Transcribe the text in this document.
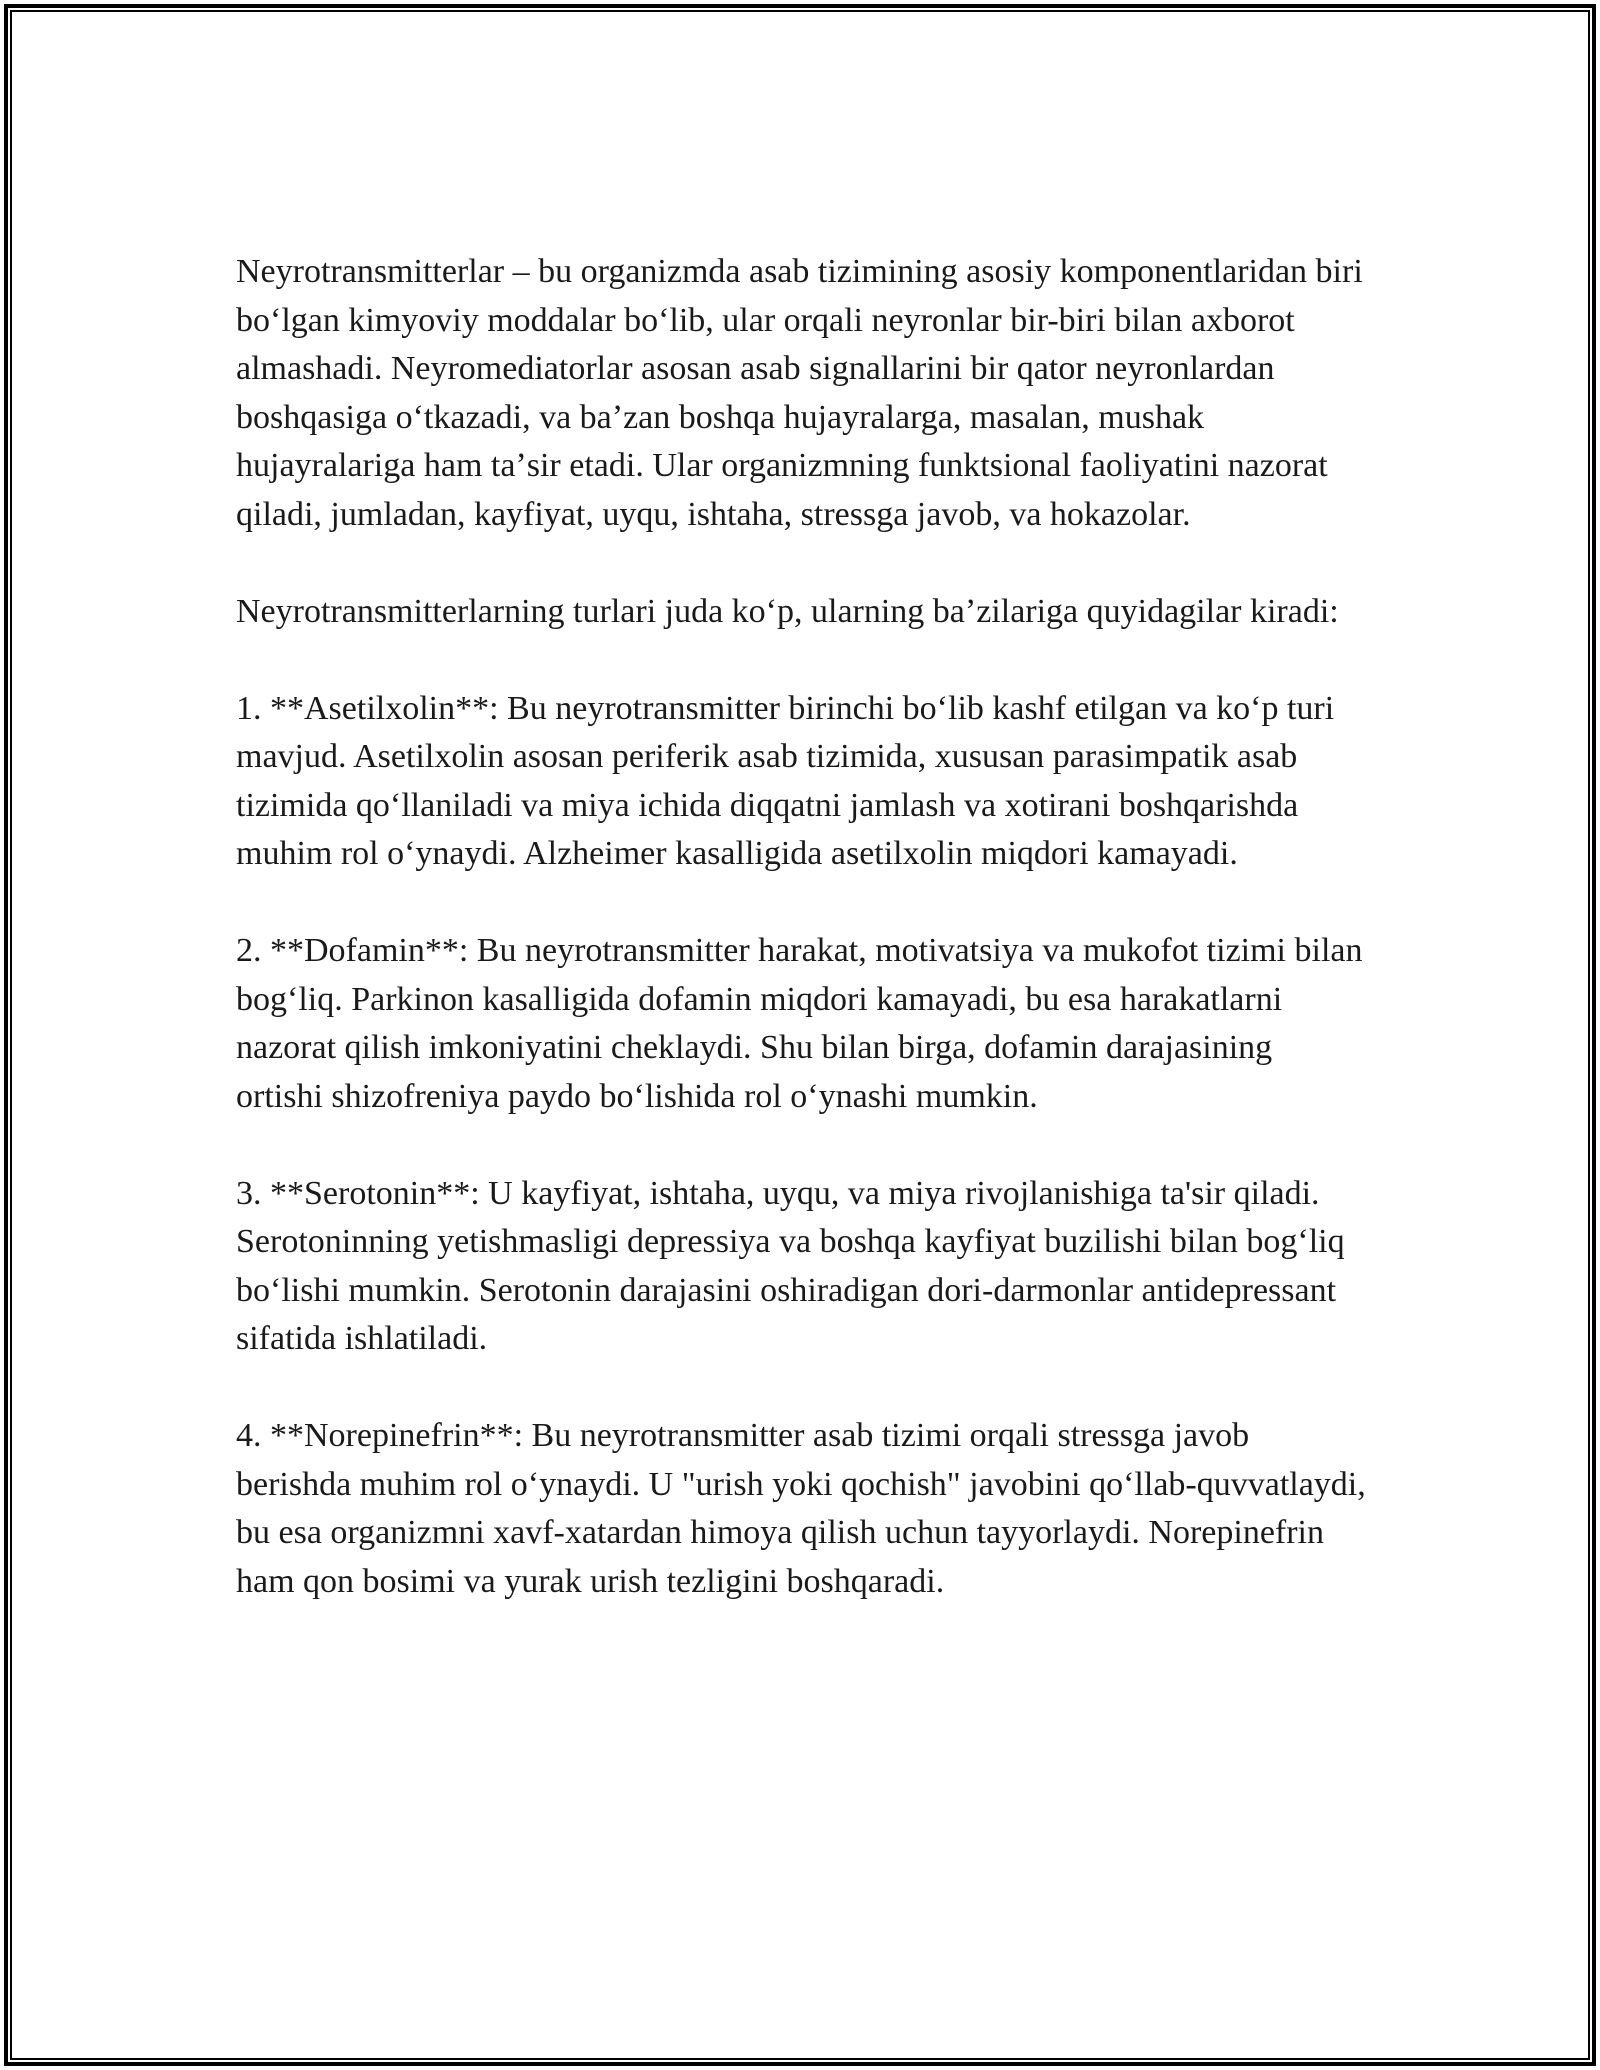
Neyrotransmitterlar – bu organizmda asab tizimining asosiy komponentlaridan biri boʻlgan kimyoviy moddalar boʻlib, ular orqali neyronlar bir-biri bilan axborot almashadi. Neyromediatorlar asosan asab signallarini bir qator neyronlardan boshqasiga oʻtkazadi, va baʼzan boshqa hujayralarga, masalan, mushak hujayralariga ham taʼsir etadi. Ular organizmning funktsional faoliyatini nazorat qiladi, jumladan, kayfiyat, uyqu, ishtaha, stressga javob, va hokazolar.

Neyrotransmitterlarning turlari juda koʻp, ularning baʼzilariga quyidagilar kiradi:

1. **Asetilxolin**: Bu neyrotransmitter birinchi boʻlib kashf etilgan va koʻp turi mavjud. Asetilxolin asosan periferik asab tizimida, xususan parasimpatik asab tizimida qoʻllaniladi va miya ichida diqqatni jamlash va xotirani boshqarishda muhim rol oʻynaydi. Alzheimer kasalligida asetilxolin miqdori kamayadi.

2. **Dofamin**: Bu neyrotransmitter harakat, motivatsiya va mukofot tizimi bilan bogʻliq. Parkinon kasalligida dofamin miqdori kamayadi, bu esa harakatlarni nazorat qilish imkoniyatini cheklaydi. Shu bilan birga, dofamin darajasining ortishi shizofreniya paydo boʻlishida rol oʻynashi mumkin.

3. **Serotonin**: U kayfiyat, ishtaha, uyqu, va miya rivojlanishiga ta'sir qiladi. Serotoninning yetishmasligi depressiya va boshqa kayfiyat buzilishi bilan bogʻliq boʻlishi mumkin. Serotonin darajasini oshiradigan dori-darmonlar antidepressant sifatida ishlatiladi.

4. **Norepinefrin**: Bu neyrotransmitter asab tizimi orqali stressga javob berishda muhim rol oʻynaydi. U "urish yoki qochish" javobini qoʻllab-quvvatlaydi, bu esa organizmni xavf-xatardan himoya qilish uchun tayyorlaydi. Norepinefrin ham qon bosimi va yurak urish tezligini boshqaradi.
